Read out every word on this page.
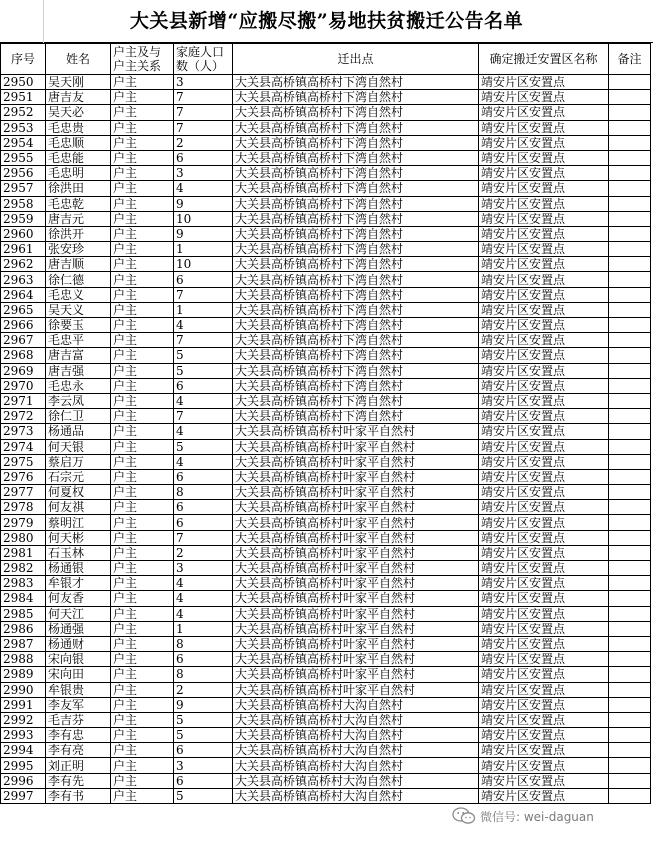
大关县新增“应搬尽搬”易地扶贫搬迁公告名单
序号	姓名	户主及与户主关系	家庭人口数（人）	迁出点	确定搬迁安置区名称	备注
2950	吴天刚	户主	3	大关县高桥镇高桥村下湾自然村	靖安片区安置点	
2951	唐吉友	户主	7	大关县高桥镇高桥村下湾自然村	靖安片区安置点	
2952	吴天必	户主	7	大关县高桥镇高桥村下湾自然村	靖安片区安置点	
2953	毛忠贵	户主	7	大关县高桥镇高桥村下湾自然村	靖安片区安置点	
2954	毛忠顺	户主	2	大关县高桥镇高桥村下湾自然村	靖安片区安置点	
2955	毛忠能	户主	6	大关县高桥镇高桥村下湾自然村	靖安片区安置点	
2956	毛忠明	户主	3	大关县高桥镇高桥村下湾自然村	靖安片区安置点	
2957	徐洪田	户主	4	大关县高桥镇高桥村下湾自然村	靖安片区安置点	
2958	毛忠乾	户主	9	大关县高桥镇高桥村下湾自然村	靖安片区安置点	
2959	唐吉元	户主	10	大关县高桥镇高桥村下湾自然村	靖安片区安置点	
2960	徐洪开	户主	9	大关县高桥镇高桥村下湾自然村	靖安片区安置点	
2961	张安珍	户主	1	大关县高桥镇高桥村下湾自然村	靖安片区安置点	
2962	唐吉顺	户主	10	大关县高桥镇高桥村下湾自然村	靖安片区安置点	
2963	徐仁德	户主	6	大关县高桥镇高桥村下湾自然村	靖安片区安置点	
2964	毛忠义	户主	7	大关县高桥镇高桥村下湾自然村	靖安片区安置点	
2965	吴天义	户主	1	大关县高桥镇高桥村下湾自然村	靖安片区安置点	
2966	徐要玉	户主	4	大关县高桥镇高桥村下湾自然村	靖安片区安置点	
2967	毛忠平	户主	7	大关县高桥镇高桥村下湾自然村	靖安片区安置点	
2968	唐吉富	户主	5	大关县高桥镇高桥村下湾自然村	靖安片区安置点	
2969	唐吉强	户主	5	大关县高桥镇高桥村下湾自然村	靖安片区安置点	
2970	毛忠永	户主	6	大关县高桥镇高桥村下湾自然村	靖安片区安置点	
2971	李云凤	户主	4	大关县高桥镇高桥村下湾自然村	靖安片区安置点	
2972	徐仁卫	户主	7	大关县高桥镇高桥村下湾自然村	靖安片区安置点	
2973	杨通品	户主	4	大关县高桥镇高桥村叶家平自然村	靖安片区安置点	
2974	何天银	户主	5	大关县高桥镇高桥村叶家平自然村	靖安片区安置点	
2975	蔡启万	户主	4	大关县高桥镇高桥村叶家平自然村	靖安片区安置点	
2976	石宗元	户主	6	大关县高桥镇高桥村叶家平自然村	靖安片区安置点	
2977	何夏权	户主	8	大关县高桥镇高桥村叶家平自然村	靖安片区安置点	
2978	何友祺	户主	6	大关县高桥镇高桥村叶家平自然村	靖安片区安置点	
2979	蔡明江	户主	6	大关县高桥镇高桥村叶家平自然村	靖安片区安置点	
2980	何天彬	户主	7	大关县高桥镇高桥村叶家平自然村	靖安片区安置点	
2981	石玉林	户主	2	大关县高桥镇高桥村叶家平自然村	靖安片区安置点	
2982	杨通银	户主	3	大关县高桥镇高桥村叶家平自然村	靖安片区安置点	
2983	牟银才	户主	4	大关县高桥镇高桥村叶家平自然村	靖安片区安置点	
2984	何友香	户主	4	大关县高桥镇高桥村叶家平自然村	靖安片区安置点	
2985	何天江	户主	4	大关县高桥镇高桥村叶家平自然村	靖安片区安置点	
2986	杨通强	户主	1	大关县高桥镇高桥村叶家平自然村	靖安片区安置点	
2987	杨通财	户主	8	大关县高桥镇高桥村叶家平自然村	靖安片区安置点	
2988	宋向银	户主	6	大关县高桥镇高桥村叶家平自然村	靖安片区安置点	
2989	宋向田	户主	8	大关县高桥镇高桥村叶家平自然村	靖安片区安置点	
2990	牟银贵	户主	2	大关县高桥镇高桥村叶家平自然村	靖安片区安置点	
2991	李友军	户主	9	大关县高桥镇高桥村大沟自然村	靖安片区安置点	
2992	毛吉芬	户主	5	大关县高桥镇高桥村大沟自然村	靖安片区安置点	
2993	李有忠	户主	5	大关县高桥镇高桥村大沟自然村	靖安片区安置点	
2994	李有亮	户主	6	大关县高桥镇高桥村大沟自然村	靖安片区安置点	
2995	刘正明	户主	3	大关县高桥镇高桥村大沟自然村	靖安片区安置点	
2996	李有先	户主	6	大关县高桥镇高桥村大沟自然村	靖安片区安置点	
2997	李有书	户主	5	大关县高桥镇高桥村大沟自然村	靖安片区安置点	
微信号: wei-daguan
